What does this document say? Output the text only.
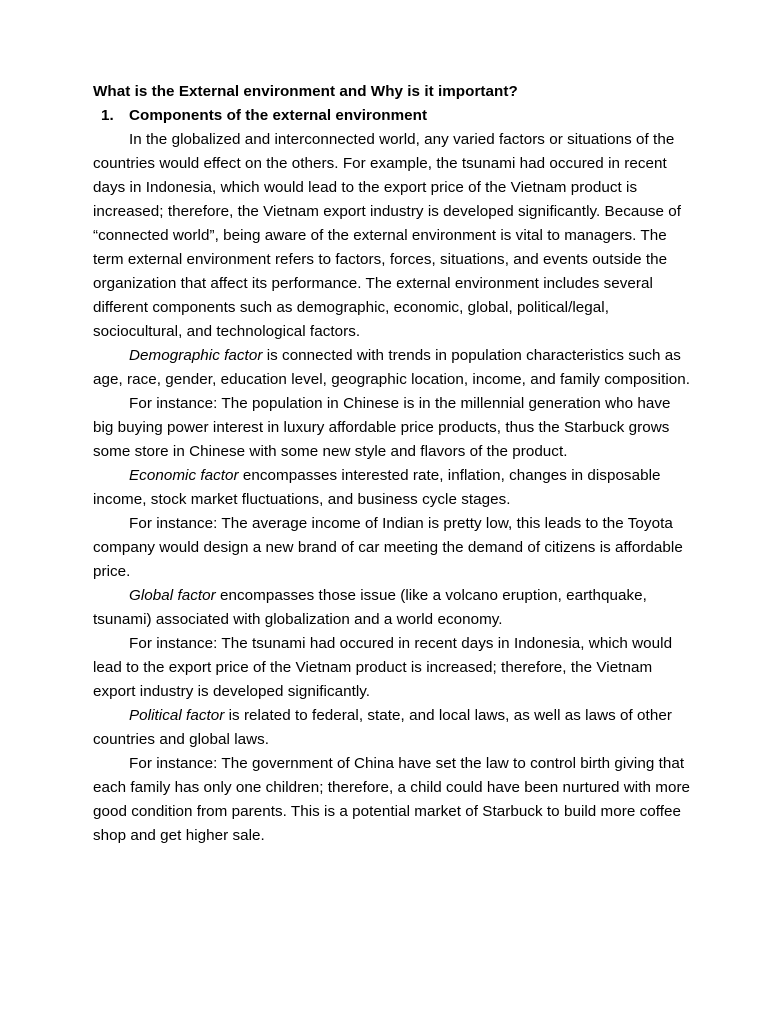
What is the External environment and Why is it important?

1. Components of the external environment

In the globalized and interconnected world, any varied factors or situations of the countries would effect on the others. For example, the tsunami had occured in recent days in Indonesia, which would lead to the export price of the Vietnam product is increased; therefore, the Vietnam export industry is developed significantly. Because of “connected world”, being aware of the external environment is vital to managers. The term external environment refers to factors, forces, situations, and events outside the organization that affect its performance. The external environment includes several different components such as demographic, economic, global, political/legal, sociocultural, and technological factors.

Demographic factor is connected with trends in population characteristics such as age, race, gender, education level, geographic location, income, and family composition.

For instance: The population in Chinese is in the millennial generation who have big buying power interest in luxury affordable price products, thus the Starbuck grows some store in Chinese with some new style and flavors of the product.

Economic factor encompasses interested rate, inflation, changes in disposable income, stock market fluctuations, and business cycle stages.

For instance: The average income of Indian is pretty low, this leads to the Toyota company would design a new brand of car meeting the demand of citizens is affordable price.

Global factor encompasses those issue (like a volcano eruption, earthquake, tsunami) associated with globalization and a world economy.

For instance: The tsunami had occured in recent days in Indonesia, which would lead to the export price of the Vietnam product is increased; therefore, the Vietnam export industry is developed significantly.

Political factor is related to federal, state, and local laws, as well as laws of other countries and global laws.

For instance: The government of China have set the law to control birth giving that each family has only one children; therefore, a child could have been nurtured with more good condition from parents. This is a potential market of Starbuck to build more coffee shop and get higher sale.
